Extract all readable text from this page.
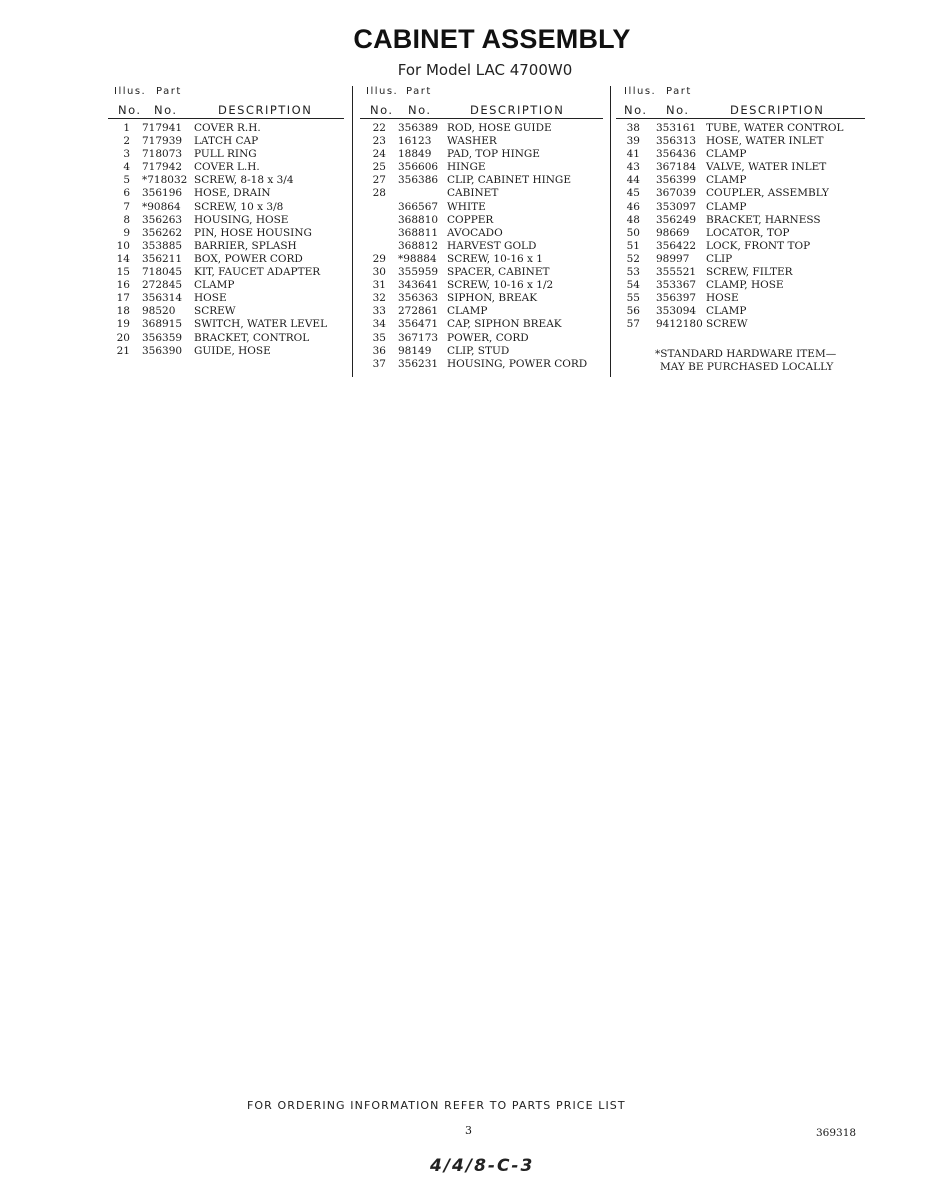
CABINET ASSEMBLY
For Model LAC 4700W0
Illus. Part
No. No.	DESCRIPTION
1 717941 COVER R.H.
2 717939 LATCH CAP
3 718073 PULL RING
4 717942 COVER L.H.
5 *718032 SCREW, 8-18 x 3/4
6 356196 HOSE, DRAIN
7 *90864 SCREW, 10 x 3/8
8 356263 HOUSING, HOSE
9 356262 PIN, HOSE HOUSING
10 353885 BARRIER, SPLASH
14 356211 BOX, POWER CORD
15 718045 KIT, FAUCET ADAPTER
16 272845 CLAMP
17 356314 HOSE
18 98520 SCREW
19 368915 SWITCH, WATER LEVEL
20 356359 BRACKET, CONTROL
21 356390 GUIDE, HOSE
Illus. Part
No. No.	DESCRIPTION
22 356389 ROD, HOSE GUIDE
23 16123 WASHER
24 18849 PAD, TOP HINGE
25 356606 HINGE
27 356386 CLIP, CABINET HINGE
28	CABINET
366567 WHITE
368810 COPPER
368811 AVOCADO
368812 HARVEST GOLD
29 *98884 SCREW, 10-16 x 1
30 355959 SPACER, CABINET
31 343641 SCREW, 10-16 x 1/2
32 356363 SIPHON, BREAK
33 272861 CLAMP
34 356471 CAP, SIPHON BREAK
35 367173 POWER, CORD
36 98149 CLIP, STUD
37 356231 HOUSING, POWER CORD
Illus. Part
No. No.	DESCRIPTION
38 353161 TUBE, WATER CONTROL
39 356313 HOSE, WATER INLET
41 356436 CLAMP
43 367184 VALVE, WATER INLET
44 356399 CLAMP
45 367039 COUPLER, ASSEMBLY
46 353097 CLAMP
48 356249 BRACKET, HARNESS
50 98669 LOCATOR, TOP
51 356422 LOCK, FRONT TOP
52 98997 CLIP
53 355521 SCREW, FILTER
54 353367 CLAMP, HOSE
55 356397 HOSE
56 353094 CLAMP
57 9412180 SCREW
*STANDARD HARDWARE ITEM—
MAY BE PURCHASED LOCALLY
FOR ORDERING INFORMATION REFER TO PARTS PRICE LIST
3	369318
4/4/8-C-3
